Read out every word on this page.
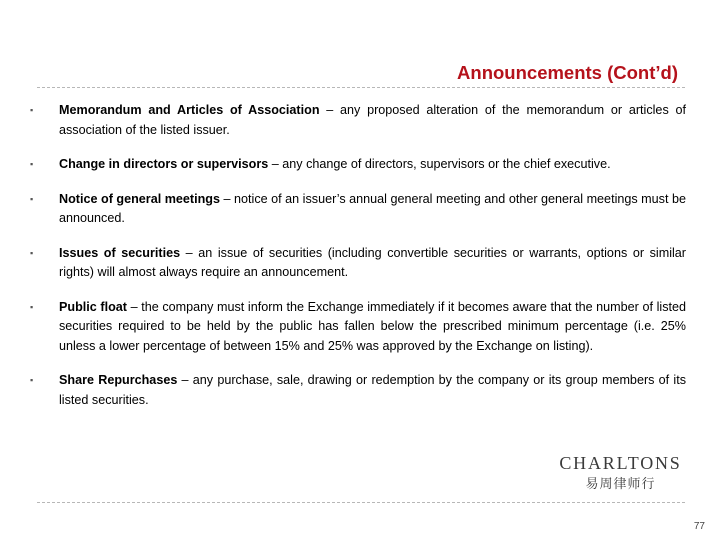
Announcements (Cont’d)
▪ Memorandum and Articles of Association – any proposed alteration of the memorandum or articles of association of the listed issuer.
▪ Change in directors or supervisors – any change of directors, supervisors or the chief executive.
▪ Notice of general meetings – notice of an issuer’s annual general meeting and other general meetings must be announced.
▪ Issues of securities – an issue of securities (including convertible securities or warrants, options or similar rights) will almost always require an announcement.
▪ Public float – the company must inform the Exchange immediately if it becomes aware that the number of listed securities required to be held by the public has fallen below the prescribed minimum percentage (i.e. 25% unless a lower percentage of between 15% and 25% was approved by the Exchange on listing).
▪ Share Repurchases – any purchase, sale, drawing or redemption by the company or its group members of its listed securities.
CHARLTONS
易周律师行
77
